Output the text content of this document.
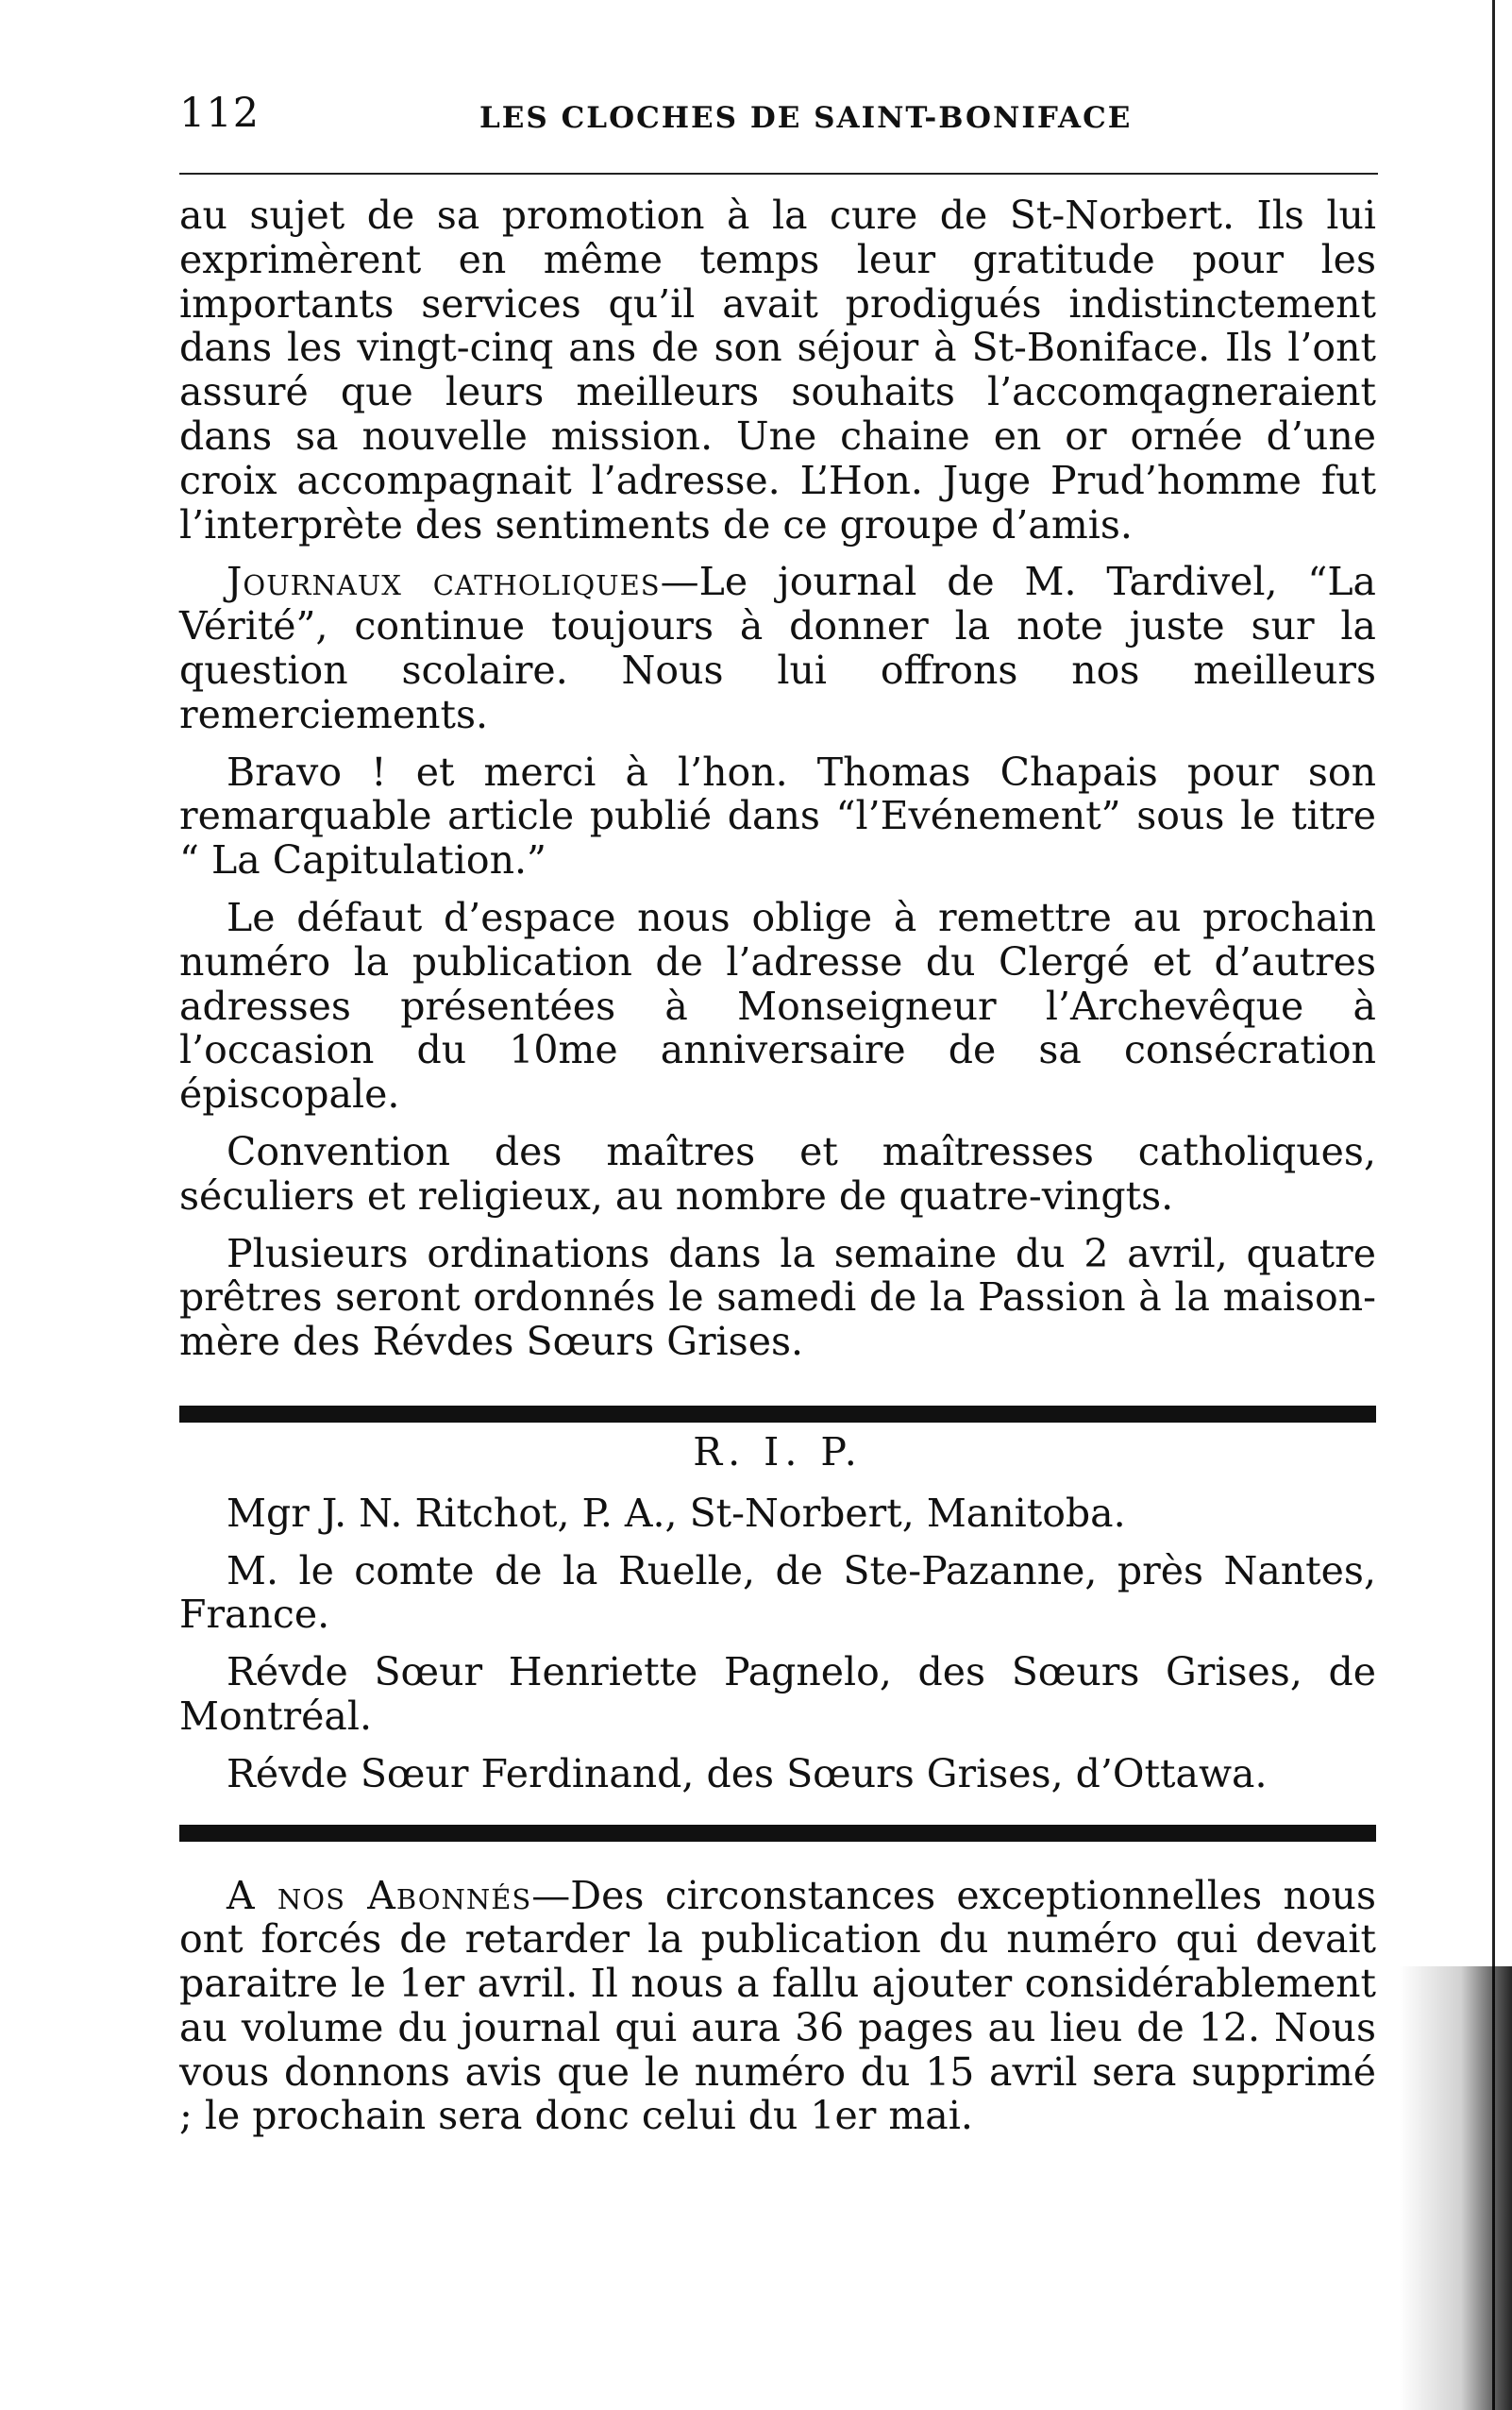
112	LES CLOCHES DE SAINT-BONIFACE

au sujet de sa promotion à la cure de St-Norbert. Ils lui exprimèrent en même temps leur gratitude pour les importants services qu’il avait prodigués indistinctement dans les vingt-cinq ans de son séjour à St-Boniface. Ils l’ont assuré que leurs meilleurs souhaits l’accomqagneraient dans sa nouvelle mission. Une chaine en or ornée d’une croix accompagnait l’adresse. L’Hon. Juge Prud’homme fut l’interprète des sentiments de ce groupe d’amis.

Journaux catholiques—Le journal de M. Tardivel, “La Vérité”, continue toujours à donner la note juste sur la question scolaire. Nous lui offrons nos meilleurs remerciements.

Bravo ! et merci à l’hon. Thomas Chapais pour son remarquable article publié dans “l’Evénement” sous le titre “ La Capitulation.”

Le défaut d’espace nous oblige à remettre au prochain numéro la publication de l’adresse du Clergé et d’autres adresses présentées à Monseigneur l’Archevêque à l’occasion du 10me anniversaire de sa consécration épiscopale.

Convention des maîtres et maîtresses catholiques, séculiers et religieux, au nombre de quatre-vingts.

Plusieurs ordinations dans la semaine du 2 avril, quatre prêtres seront ordonnés le samedi de la Passion à la maison-mère des Révdes Sœurs Grises.

R. I. P.

Mgr J. N. Ritchot, P. A., St-Norbert, Manitoba.

M. le comte de la Ruelle, de Ste-Pazanne, près Nantes, France.

Révde Sœur Henriette Pagnelo, des Sœurs Grises, de Montréal.

Révde Sœur Ferdinand, des Sœurs Grises, d’Ottawa.

A nos Abonnés—Des circonstances exceptionnelles nous ont forcés de retarder la publication du numéro qui devait paraitre le 1er avril. Il nous a fallu ajouter considérablement au volume du journal qui aura 36 pages au lieu de 12. Nous vous donnons avis que le numéro du 15 avril sera supprimé ; le prochain sera donc celui du 1er mai.
